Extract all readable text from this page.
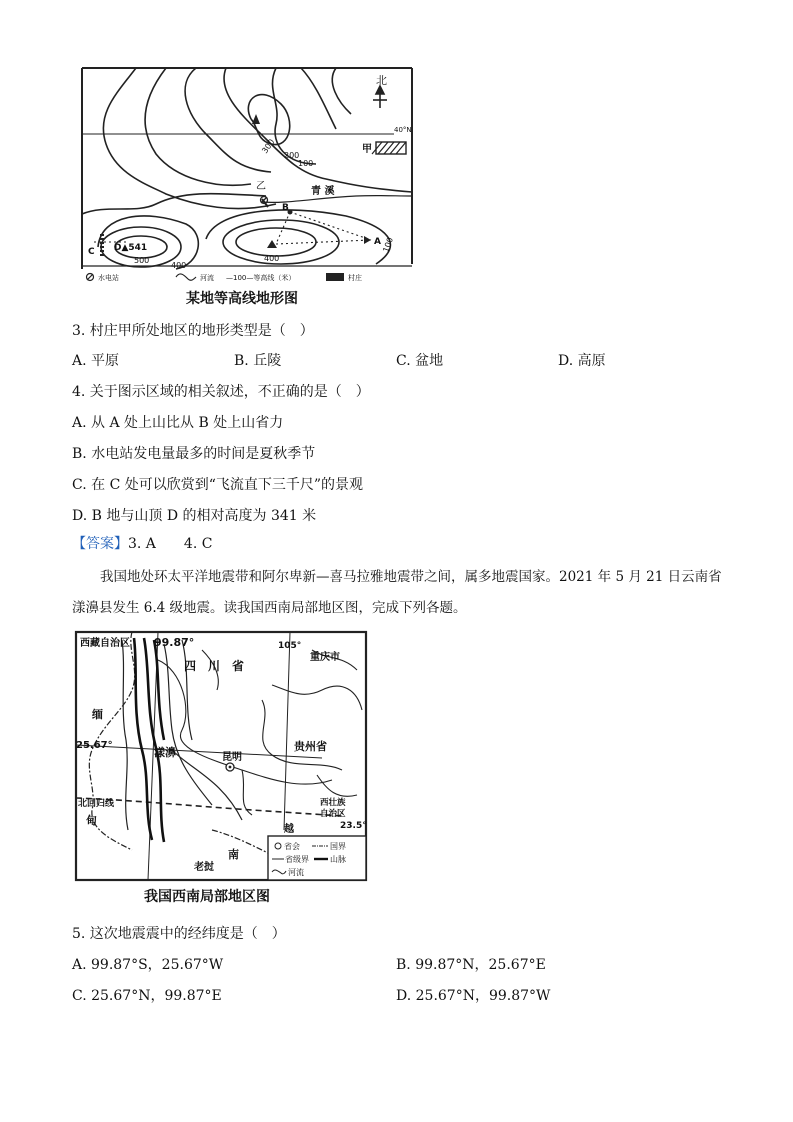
北
40°N
甲
乙	青 溪
B
A
C D▲541
300
200
100
100
500
400
400
水电站	河流 —100—等高线（米）	村庄
某地等高线地形图
3. 村庄甲所处地区的地形类型是（　）
A. 平原	B. 丘陵	C. 盆地	D. 高原
4. 关于图示区域的相关叙述，不正确的是（　）
A. 从 A 处上山比从 B 处上山省力
B. 水电站发电量最多的时间是夏秋季节
C. 在 C 处可以欣赏到“飞流直下三千尺”的景观
D. B 地与山顶 D 的相对高度为 341 米
【答案】3. A　　4. C
我国地处环太平洋地震带和阿尔卑新—喜马拉雅地震带之间，属多地震国家。2021 年 5 月 21 日云南省
漾濞县发生 6.4 级地震。读我国西南局部地区图，完成下列各题。
省会	国界
省级界	山脉
河流
西藏自治区 99.87°
四　川　省
105°
重庆市
缅
25.67°
漾濞	昆明
贵州省
北回归线
甸
西壮族
自治区
23.5°
越
南
老挝
我国西南局部地区图
5. 这次地震震中的经纬度是（　）
A. 99.87°S，25.67°W	B. 99.87°N，25.67°E
C. 25.67°N，99.87°E	D. 25.67°N，99.87°W
